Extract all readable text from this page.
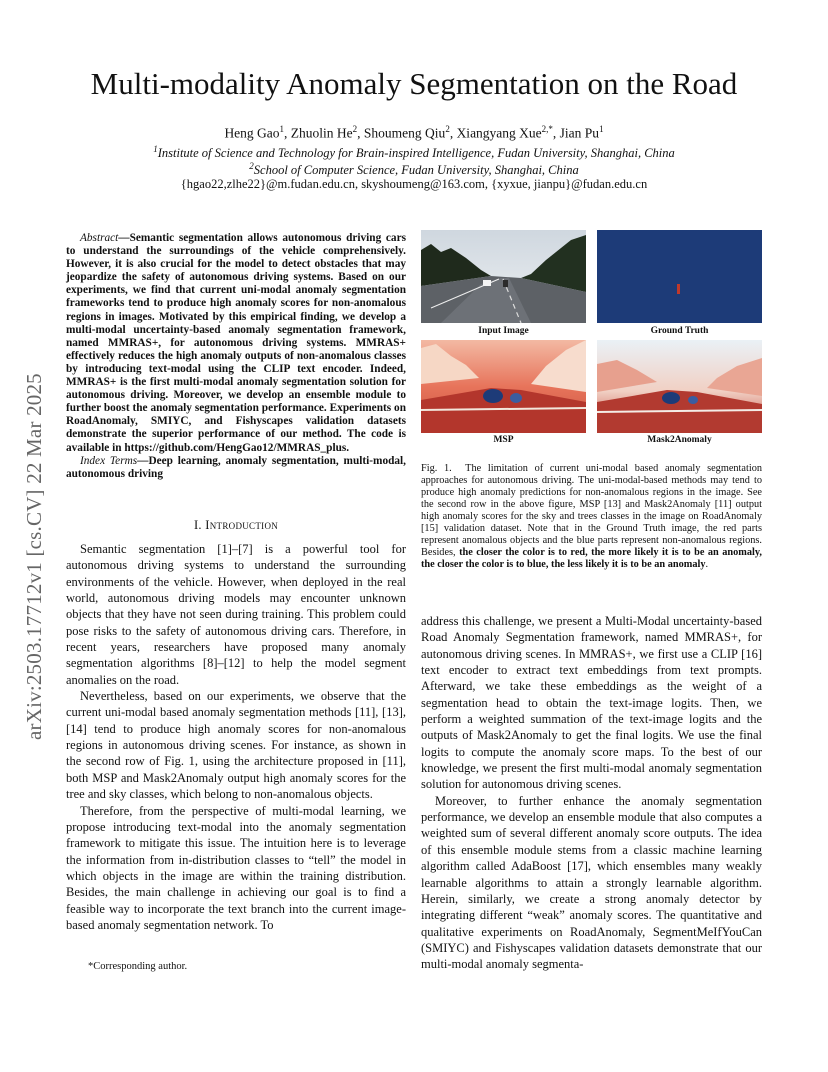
arXiv:2503.17712v1 [cs.CV] 22 Mar 2025
Multi-modality Anomaly Segmentation on the Road
Heng Gao$^1$, Zhuolin He$^2$, Shoumeng Qiu$^2$, Xiangyang Xue$^{2,*}$, Jian Pu$^1$
$^1$Institute of Science and Technology for Brain-inspired Intelligence, Fudan University, Shanghai, China
$^2$School of Computer Science, Fudan University, Shanghai, China
{hgao22,zlhe22}@m.fudan.edu.cn, skyshoumeng@163.com, {xyxue, jianpu}@fudan.edu.cn

Abstract—Semantic segmentation allows autonomous driving cars to understand the surroundings of the vehicle comprehensively. However, it is also crucial for the model to detect obstacles that may jeopardize the safety of autonomous driving systems. Based on our experiments, we find that current uni-modal anomaly segmentation frameworks tend to produce high anomaly scores for non-anomalous regions in images. Motivated by this empirical finding, we develop a multi-modal uncertainty-based anomaly segmentation framework, named MMRAS+, for autonomous driving systems. MMRAS+ effectively reduces the high anomaly outputs of non-anomalous classes by introducing text-modal using the CLIP text encoder. Indeed, MMRAS+ is the first multi-modal anomaly segmentation solution for autonomous driving. Moreover, we develop an ensemble module to further boost the anomaly segmentation performance. Experiments on RoadAnomaly, SMIYC, and Fishyscapes validation datasets demonstrate the superior performance of our method. The code is available in https://github.com/HengGao12/MMRAS_plus.

Index Terms—Deep learning, anomaly segmentation, multi-modal, autonomous driving

I. Introduction

Semantic segmentation [1]–[7] is a powerful tool for autonomous driving systems to understand the surrounding environments of the vehicle. However, when deployed in the real world, autonomous driving models may encounter unknown objects that they have not seen during training. This problem could pose risks to the safety of autonomous driving cars. Therefore, in recent years, researchers have proposed many anomaly segmentation algorithms [8]–[12] to help the model segment anomalies on the road.

Nevertheless, based on our experiments, we observe that the current uni-modal based anomaly segmentation methods [11], [13], [14] tend to produce high anomaly scores for non-anomalous regions in autonomous driving scenes. For instance, as shown in the second row of Fig. 1, using the architecture proposed in [11], both MSP and Mask2Anomaly output high anomaly scores for the tree and sky classes, which belong to non-anomalous objects.

Therefore, from the perspective of multi-modal learning, we propose introducing text-modal into the anomaly segmentation framework to mitigate this issue. The intuition here is to leverage the information from in-distribution classes to “tell” the model in which objects in the image are within the training distribution. Besides, the main challenge in achieving our goal is to find a feasible way to incorporate the text branch into the current image-based anomaly segmentation network. To

*Corresponding author.
Input Image	Ground Truth
MSP	Mask2Anomaly

Fig. 1. The limitation of current uni-modal based anomaly segmentation approaches for autonomous driving. The uni-modal-based methods may tend to produce high anomaly predictions for non-anomalous regions in the image. See the second row in the above figure, MSP [13] and Mask2Anomaly [11] output high anomaly scores for the sky and trees classes in the image on RoadAnomaly [15] validation dataset. Note that in the Ground Truth image, the red parts represent anomalous objects and the blue parts represent non-anomalous regions. Besides, the closer the color is to red, the more likely it is to be an anomaly, the closer the color is to blue, the less likely it is to be an anomaly.

address this challenge, we present a Multi-Modal uncertainty-based Road Anomaly Segmentation framework, named MMRAS+, for autonomous driving scenes. In MMRAS+, we first use a CLIP [16] text encoder to extract text embeddings from text prompts. Afterward, we take these embeddings as the weight of a segmentation head to obtain the text-image logits. Then, we perform a weighted summation of the text-image logits and the outputs of Mask2Anomaly to get the final logits. We use the final logits to compute the anomaly score maps. To the best of our knowledge, we present the first multi-modal anomaly segmentation solution for autonomous driving scenes.

Moreover, to further enhance the anomaly segmentation performance, we develop an ensemble module that also computes a weighted sum of several different anomaly score outputs. The idea of this ensemble module stems from a classic machine learning algorithm called AdaBoost [17], which ensembles many weakly learnable algorithms to attain a strongly learnable algorithm. Herein, similarly, we create a strong anomaly detector by integrating different “weak” anomaly scores. The quantitative and qualitative experiments on RoadAnomaly, SegmentMeIfYouCan (SMIYC) and Fishyscapes validation datasets demonstrate that our multi-modal anomaly segmenta-
